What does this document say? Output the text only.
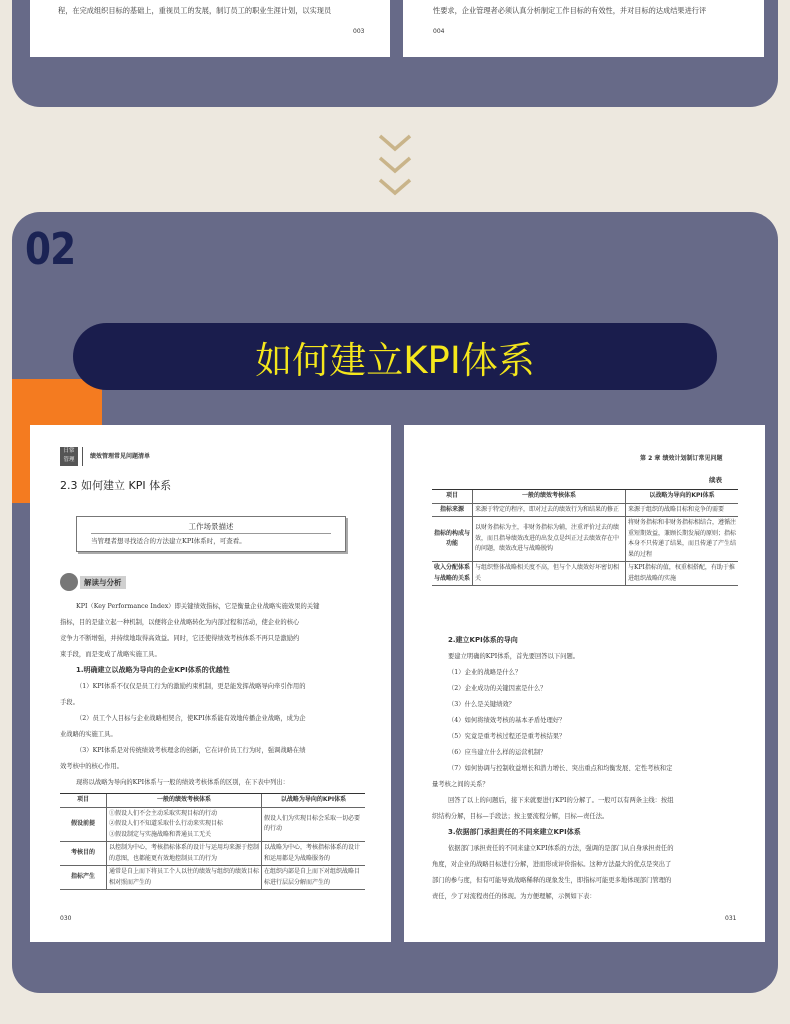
程，在完成组织目标的基础上，重视员工的发展，制订员工的职业生涯计划，以实现员
003
性要求，企业管理者必须认真分析制定工作目标的有效性，并对目标的达成结果进行评
004
02
如何建立KPI体系
日常
管理	绩效管理常见问题清单
2.3 如何建立 KPI 体系
工作场景描述
当管理者想寻找适合的方法建立KPI体系时，可查看。
解读与分析
KPI（Key Performance Index）即关键绩效指标，它是衡量企业战略实施效果的关键
指标，目的是建立起一种机制，以便将企业战略转化为内部过程和活动，使企业的核心
竞争力不断增强，并持续地取得高效益。同时，它还使得绩效考核体系不再只是激励约
束手段，而是变成了战略实施工具。
1.明确建立以战略为导向的企业KPI体系的优越性
（1）KPI体系不仅仅是员工行为的激励约束机制，更是能发挥战略导向牵引作用的
手段。
（2）员工个人目标与企业战略相契合，使KPI体系能有效地传播企业战略，成为企
业战略的实施工具。
（3）KPI体系是对传统绩效考核理念的创新，它在评价员工行为时，强调战略在绩
效考核中的核心作用。
现将以战略为导向的KPI体系与一般的绩效考核体系的区别，在下表中列出：
项目	一般的绩效考核体系	以战略为导向的KPI体系
假设前提	①假设人们不会主动采取实现目标的行动
②假设人们不知道采取什么行动来实现目标
③假设制定与实施战略和普通员工无关	假设人们为实现目标会采取一切必要的行动
考核目的	以控制为中心，考核指标体系的设计与运用均来源于控制的意图，也都能更有效地控制员工的行为	以战略为中心，考核指标体系的设计和运用都是为战略服务的
指标产生	通常是自上而下将员工个人以往的绩效与组织的绩效目标相对照而产生的	在组织内部是自上而下对组织战略目标进行层层分解而产生的
030
第 2 章 绩效计划制订常见问题
续表
项目	一般的绩效考核体系	以战略为导向的KPI体系
指标来源	来源于特定的程序，即对过去的绩效行为和结果的修正	来源于组织的战略目标和竞争的需要
指标的构成与功能	以财务指标为主，非财务指标为辅，注重评价过去的绩效，而且指导绩效改进的出发点是纠正过去绩效存在中的问题，绩效改进与战略脱钩	将财务指标和非财务指标相结合，遵循注重短期效益，兼顾长期发展的原则；指标本身不只传递了结果，而且传递了产生结果的过程
收入分配体系与战略的关系	与组织整体战略相关度不高，但与个人绩效好坏密切相关	与KPI指标的值，权重相搭配，有助于推进组织战略的实施
2.建立KPI体系的导向
要建立明确的KPI体系，首先要回答以下问题。
（1）企业的战略是什么？
（2）企业成功的关键因素是什么？
（3）什么是关键绩效？
（4）如何将绩效考核的基本矛盾处理好？
（5）究竟是重考核过程还是重考核结果？
（6）应当建立什么样的运营机制？
（7）如何协调与控制收益增长和潜力增长、突出重点和均衡发展、定性考核和定
量考核之间的关系？
回答了以上的问题后，接下来就要进行KPI的分解了。一般可以有两条主线：按组
织结构分解，目标—手段法；按主要流程分解，目标—责任法。
3.依据部门承担责任的不同来建立KPI体系
依据部门承担责任的不同来建立KPI体系的方法，强调的是部门从自身承担责任的
角度，对企业的战略目标进行分解，进而形成评价指标。这种方法最大的优点是突出了
部门的参与度，但有可能导致战略稀释的现象发生，即指标可能更多地体现部门管理的
责任，少了对流程责任的体现。为方便理解，示例如下表：
031
